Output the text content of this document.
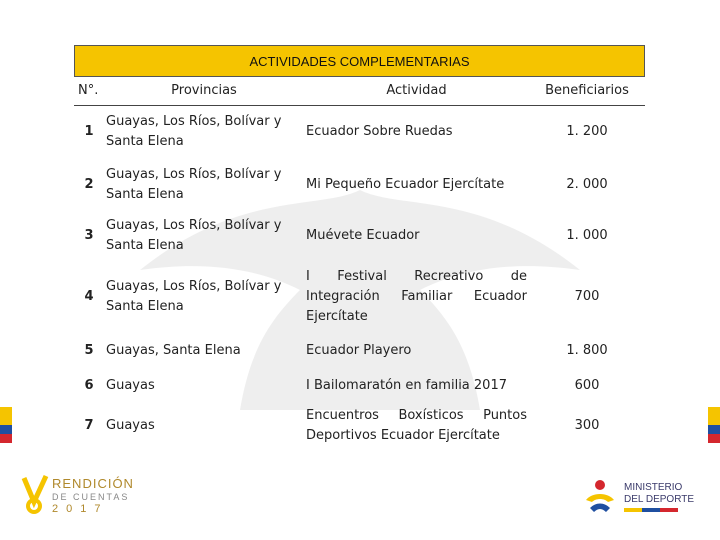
ACTIVIDADES COMPLEMENTARIAS
N°.	Provincias	Actividad	Beneficiarios
1	Guayas, Los Ríos, Bolívar y Santa Elena	Ecuador Sobre Ruedas	1. 200
2	Guayas, Los Ríos, Bolívar y Santa Elena	Mi Pequeño Ecuador Ejercítate	2. 000
3	Guayas, Los Ríos, Bolívar y Santa Elena	Muévete Ecuador	1. 000
4	Guayas, Los Ríos, Bolívar y Santa Elena	I Festival Recreativo de Integración Familiar Ecuador Ejercítate	700
5	Guayas, Santa Elena	Ecuador Playero	1. 800
6	Guayas	I Bailomaratón en familia 2017	600
7	Guayas	Encuentros Boxísticos Puntos Deportivos Ecuador Ejercítate	300
RENDICIÓN
DE CUENTAS
2017
MINISTERIO
DEL DEPORTE
